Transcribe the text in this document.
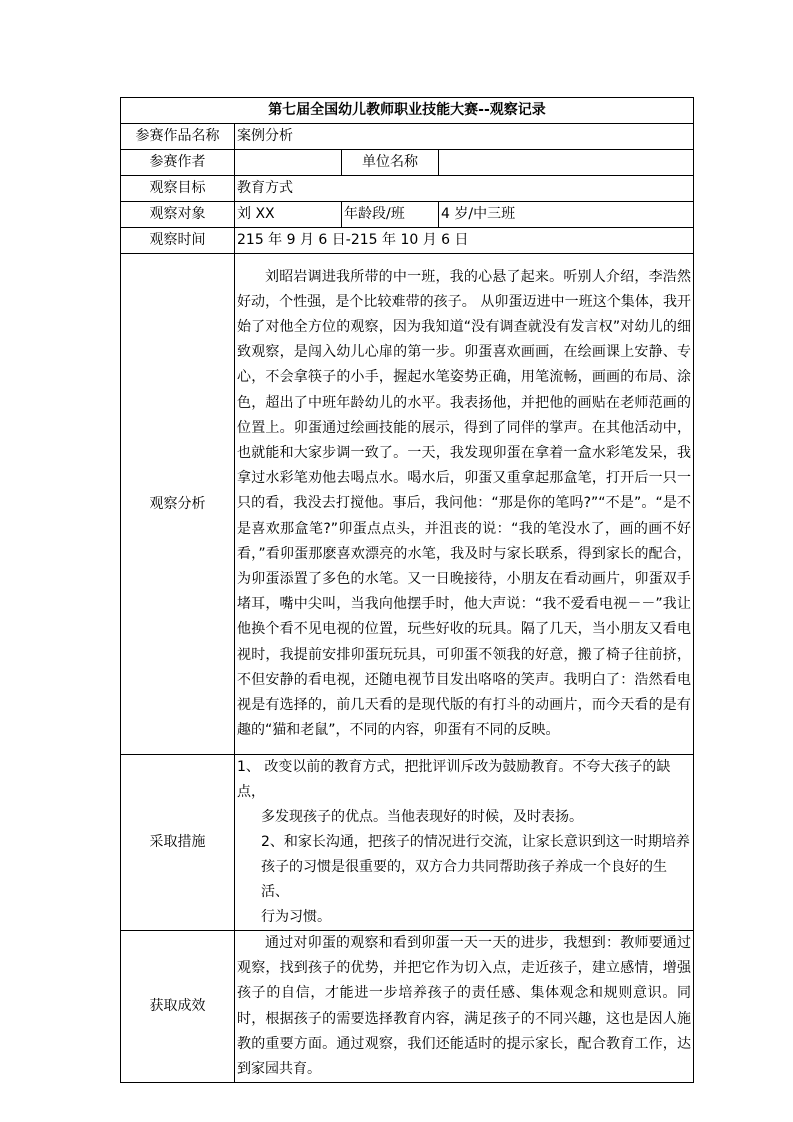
第七届全国幼儿教师职业技能大赛--观察记录			
参赛作品名称	案例分析		
参赛作者		单位名称	
观察目标	教育方式		
观察对象	刘 XX	年龄段/班	4 岁/中三班
观察时间	215 年 9 月 6 日-215 年 10 月 6 日		
观察分析	刘昭岩调进我所带的中一班，我的心悬了起来。听别人介绍，李浩然好动，个性强，是个比较难带的孩子。 从卯蛋迈进中一班这个集体，我开始了对他全方位的观察，因为我知道“没有调查就没有发言权”对幼儿的细致观察，是闯入幼儿心扉的第一步。卯蛋喜欢画画，在绘画课上安静、专心，不会拿筷子的小手，握起水笔姿势正确，用笔流畅，画画的布局、涂色，超出了中班年龄幼儿的水平。我表扬他，并把他的画贴在老师范画的位置上。卯蛋通过绘画技能的展示，得到了同伴的掌声。在其他活动中，也就能和大家步调一致了。一天，我发现卯蛋在拿着一盒水彩笔发呆，我拿过水彩笔劝他去喝点水。喝水后，卯蛋又重拿起那盒笔，打开后一只一只的看，我没去打搅他。事后，我问他：“那是你的笔吗?”“不是”。“是不是喜欢那盒笔?”卯蛋点点头，并沮丧的说：“我的笔没水了，画的画不好看，”看卯蛋那麽喜欢漂亮的水笔，我及时与家长联系，得到家长的配合，为卯蛋添置了多色的水笔。又一日晚接待，小朋友在看动画片，卯蛋双手堵耳，嘴中尖叫，当我向他摆手时，他大声说：“我不爱看电视－－”我让他换个看不见电视的位置，玩些好收的玩具。隔了几天，当小朋友又看电视时，我提前安排卯蛋玩玩具，可卯蛋不领我的好意，搬了椅子往前挤，不但安静的看电视，还随电视节目发出咯咯的笑声。我明白了：浩然看电视是有选择的，前几天看的是现代版的有打斗的动画片，而今天看的是有趣的“猫和老鼠”，不同的内容，卯蛋有不同的反映。		

采取措施	1、 改变以前的教育方式，把批评训斥改为鼓励教育。不夸大孩子的缺点，
多发现孩子的优点。当他表现好的时候，及时表扬。
2、和家长沟通，把孩子的情况进行交流，让家长意识到这一时期培养
孩子的习惯是很重要的，双方合力共同帮助孩子养成一个良好的生活、
行为习惯。		

获取成效	通过对卯蛋的观察和看到卯蛋一天一天的进步，我想到：教师要通过观察，找到孩子的优势，并把它作为切入点，走近孩子，建立感情，增强孩子的自信，才能进一步培养孩子的责任感、集体观念和规则意识。同时，根据孩子的需要选择教育内容，满足孩子的不同兴趣，这也是因人施教的重要方面。通过观察，我们还能适时的提示家长，配合教育工作，达到家园共育。		
